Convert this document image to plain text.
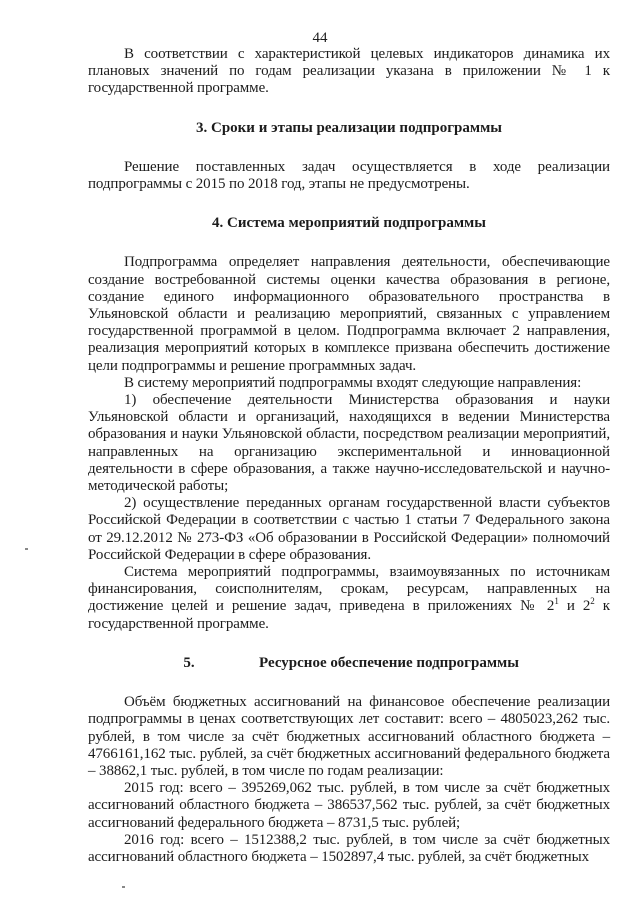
44

В соответствии с характеристикой целевых индикаторов динамика их плановых значений по годам реализации указана в приложении № 1 к государственной программе.

3. Сроки и этапы реализации подпрограммы

Решение поставленных задач осуществляется в ходе реализации подпрограммы с 2015 по 2018 год, этапы не предусмотрены.

4. Система мероприятий подпрограммы

Подпрограмма определяет направления деятельности, обеспечивающие создание востребованной системы оценки качества образования в регионе, создание единого информационного образовательного пространства в Ульяновской области и реализацию мероприятий, связанных с управлением государственной программой в целом. Подпрограмма включает 2 направления, реализация мероприятий которых в комплексе призвана обеспечить достижение цели подпрограммы и решение программных задач.

В систему мероприятий подпрограммы входят следующие направления:

1) обеспечение деятельности Министерства образования и науки Ульяновской области и организаций, находящихся в ведении Министерства образования и науки Ульяновской области, посредством реализации мероприятий, направленных на организацию экспериментальной и инновационной деятельности в сфере образования, а также научно-исследовательской и научно-методической работы;

2) осуществление переданных органам государственной власти субъектов Российской Федерации в соответствии с частью 1 статьи 7 Федерального закона от 29.12.2012 № 273-ФЗ «Об образовании в Российской Федерации» полномочий Российской Федерации в сфере образования.

Система мероприятий подпрограммы, взаимоувязанных по источникам финансирования, соисполнителям, срокам, ресурсам, направленных на достижение целей и решение задач, приведена в приложениях № $2^1$ и $2^2$ к государственной программе.

5.	Ресурсное обеспечение подпрограммы

Объём бюджетных ассигнований на финансовое обеспечение реализации подпрограммы в ценах соответствующих лет составит: всего – 4805023,262 тыс. рублей, в том числе за счёт бюджетных ассигнований областного бюджета – 4766161,162 тыс. рублей, за счёт бюджетных ассигнований федерального бюджета – 38862,1 тыс. рублей, в том числе по годам реализации:

2015 год: всего – 395269,062 тыс. рублей, в том числе за счёт бюджетных ассигнований областного бюджета – 386537,562 тыс. рублей, за счёт бюджетных ассигнований федерального бюджета – 8731,5 тыс. рублей;

2016 год: всего – 1512388,2 тыс. рублей, в том числе за счёт бюджетных ассигнований областного бюджета – 1502897,4 тыс. рублей, за счёт бюджетных
